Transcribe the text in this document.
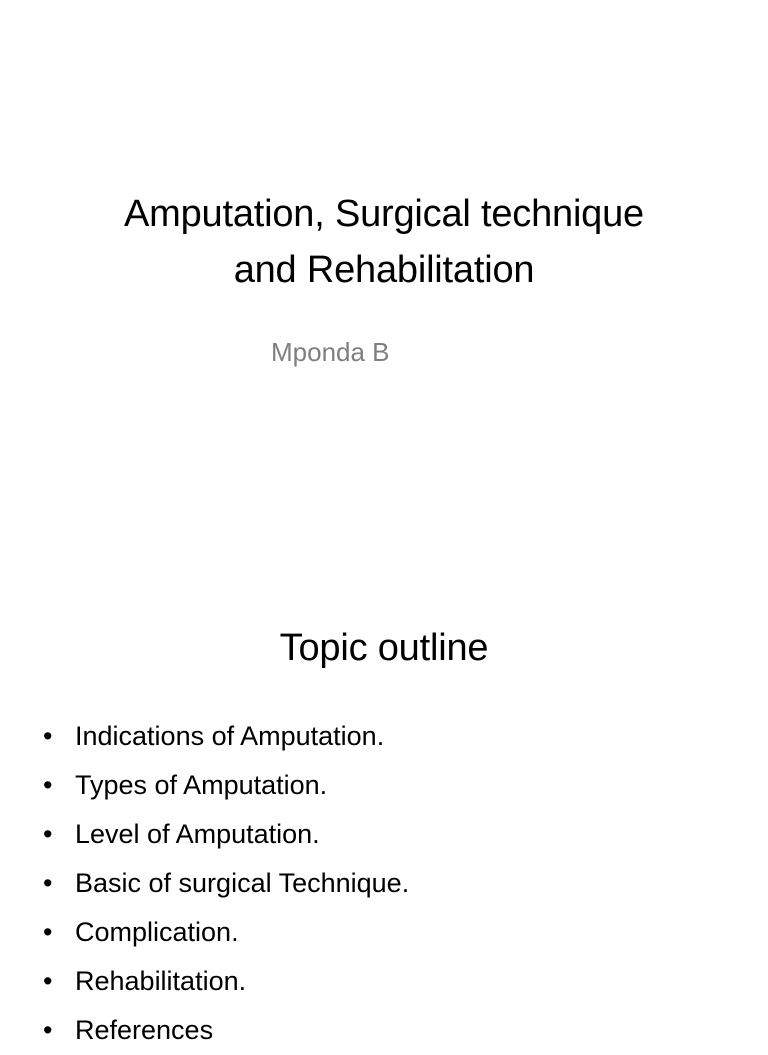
Amputation, Surgical technique
and Rehabilitation
Mponda B
Topic outline
• Indications of Amputation.
• Types of Amputation.
• Level of Amputation.
• Basic of surgical Technique.
• Complication.
• Rehabilitation.
• References
